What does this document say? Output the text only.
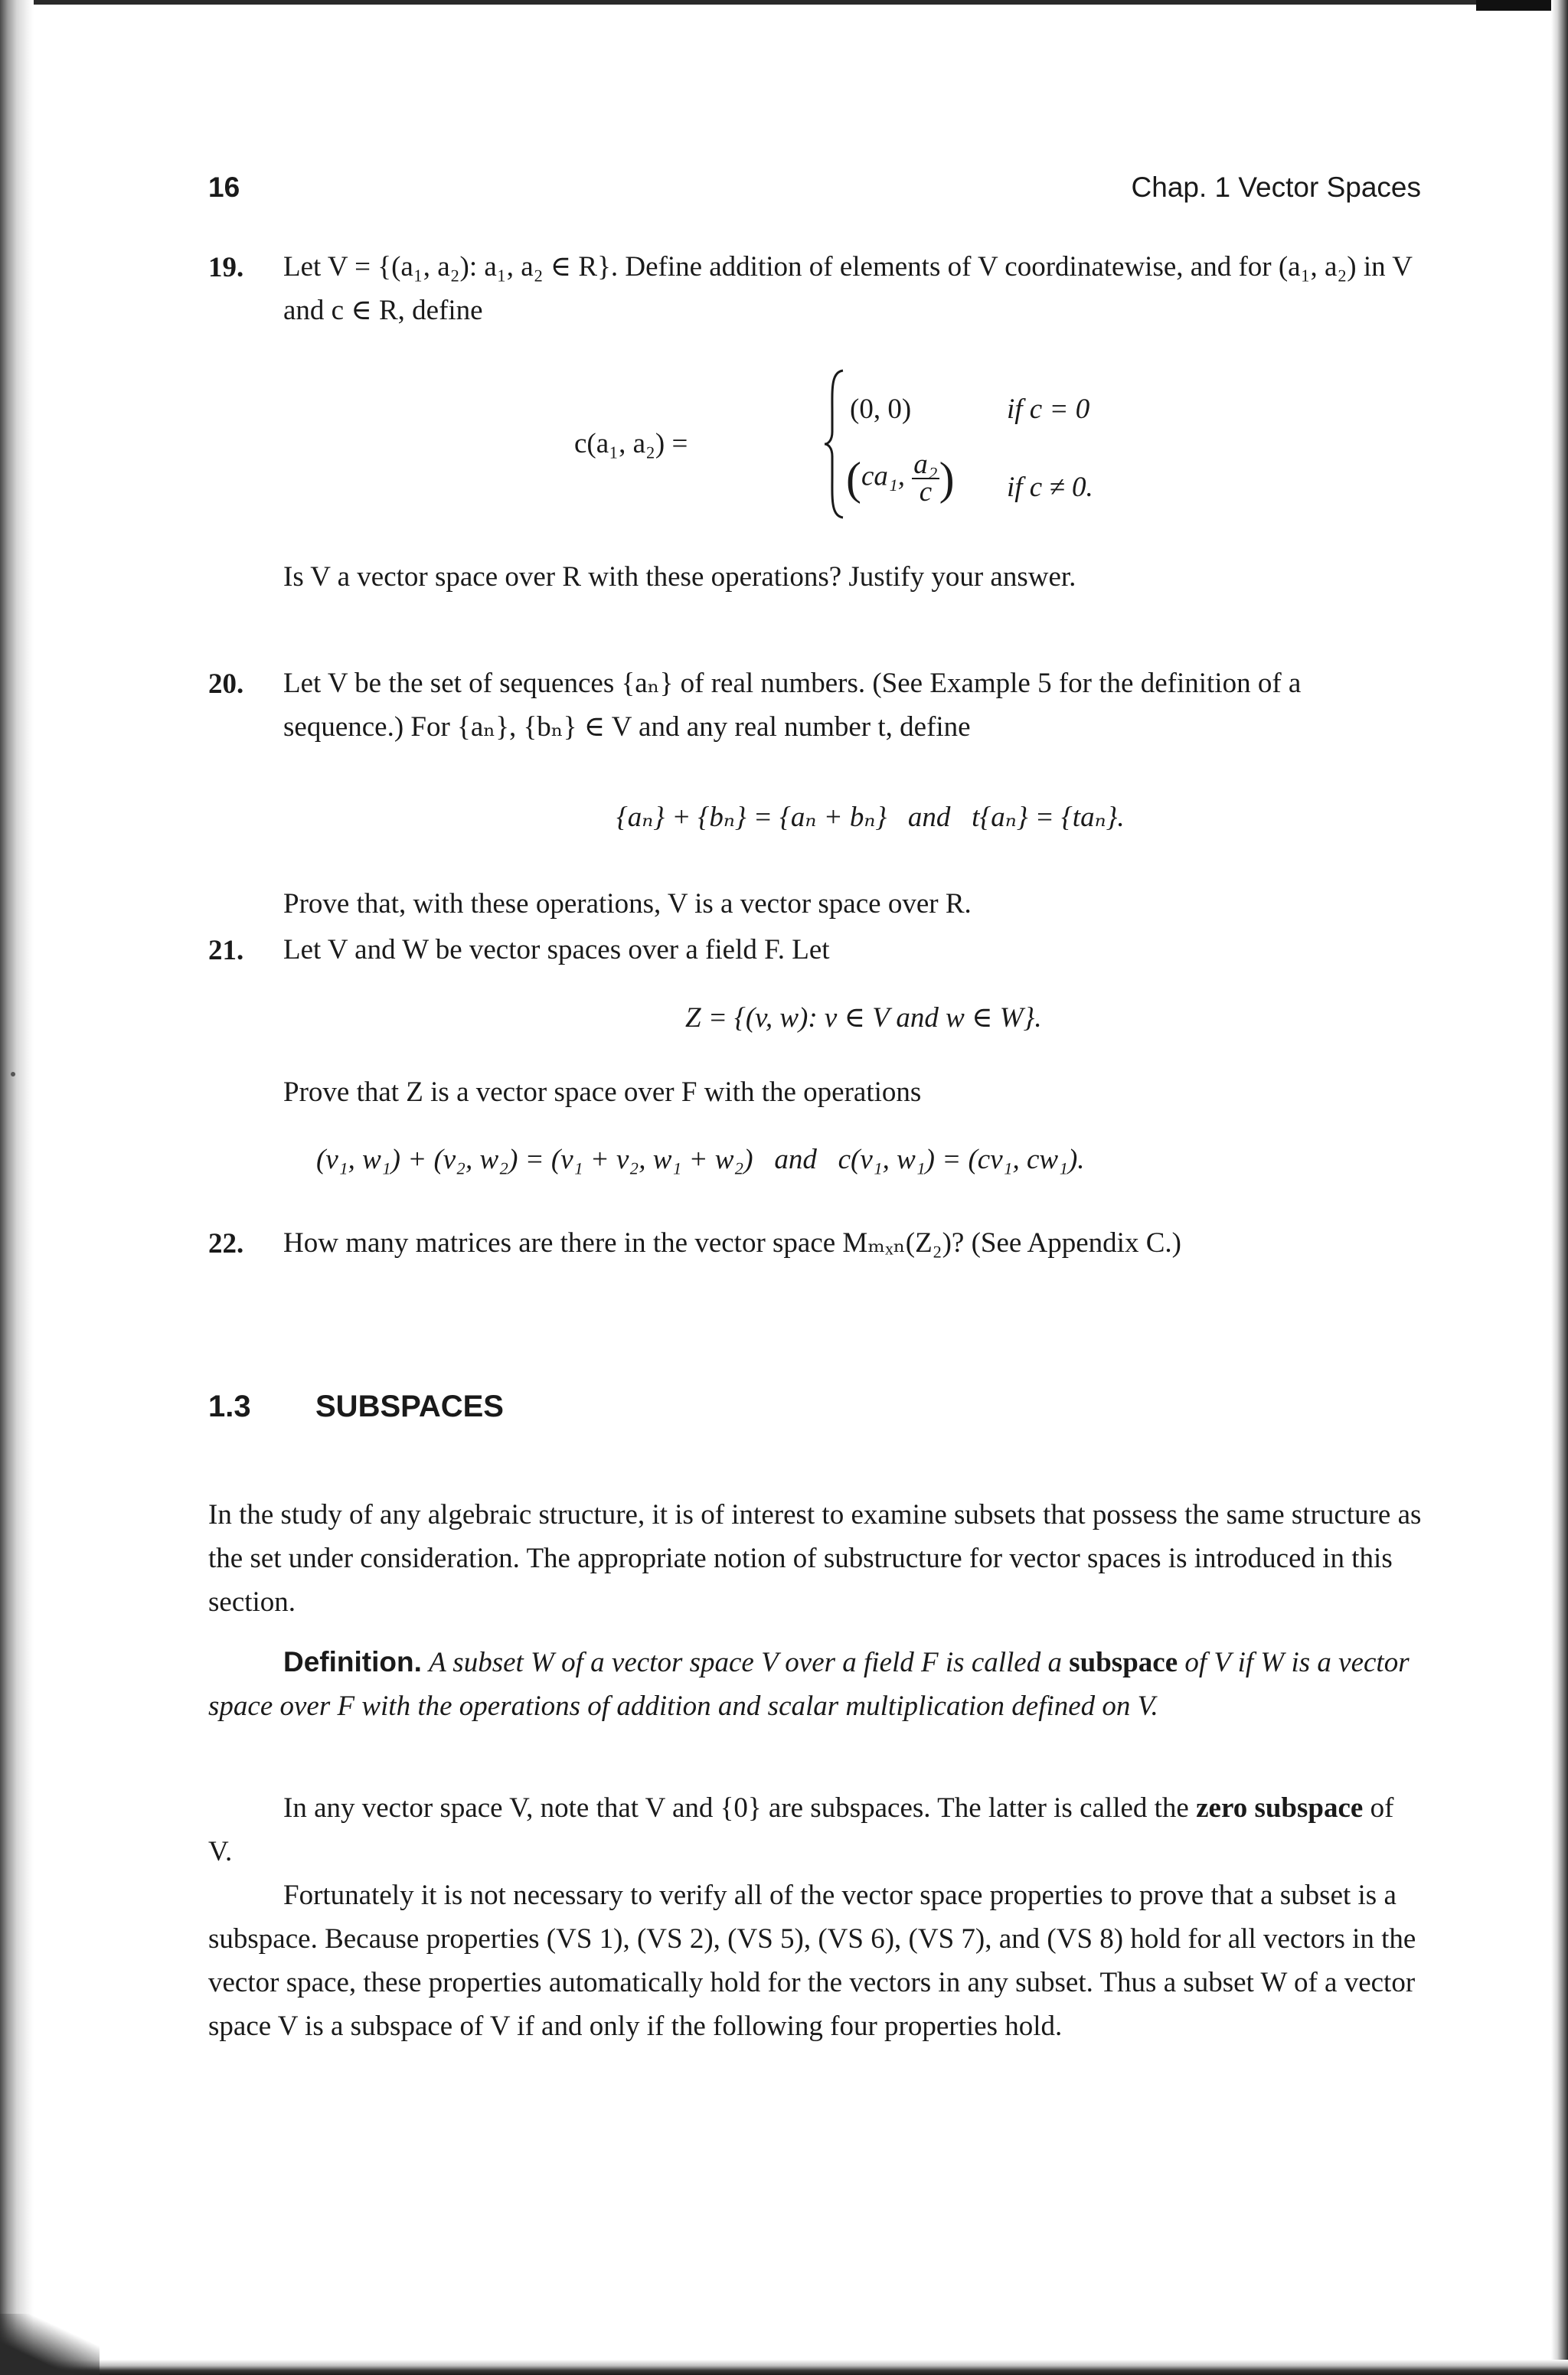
16	Chap. 1 Vector Spaces
19. Let V = {(a₁, a₂): a₁, a₂ ∈ R}. Define addition of elements of V coordinatewise, and for (a₁, a₂) in V and c ∈ R, define

c(a₁, a₂) =
(0, 0)	if c = 0
(ca₁, $\frac{\text{a₂}}{c}$ ) if c ≠ 0.

Is V a vector space over R with these operations? Justify your answer.

20. Let V be the set of sequences {aₙ} of real numbers. (See Example 5 for the definition of a sequence.) For {aₙ}, {bₙ} ∈ V and any real number t, define

{aₙ} + {bₙ} = {aₙ + bₙ}   and   t{aₙ} = {taₙ}.

Prove that, with these operations, V is a vector space over R.

21. Let V and W be vector spaces over a field F. Let

Z = {(v, w): v ∈ V and w ∈ W}.

Prove that Z is a vector space over F with the operations

(v₁, w₁) + (v₂, w₂) = (v₁ + v₂, w₁ + w₂)   and   c(v₁, w₁) = (cv₁, cw₁).
22. How many matrices are there in the vector space Mₘₓₙ(Z₂)? (See Appendix C.)

1.3 SUBSPACES

In the study of any algebraic structure, it is of interest to examine subsets that possess the same structure as the set under consideration. The appropriate notion of substructure for vector spaces is introduced in this section.

Definition. A subset W of a vector space V over a field F is called a subspace of V if W is a vector space over F with the operations of addition and scalar multiplication defined on V.

In any vector space V, note that V and {0} are subspaces. The latter is called the zero subspace of V.

Fortunately it is not necessary to verify all of the vector space properties to prove that a subset is a subspace. Because properties (VS 1), (VS 2), (VS 5), (VS 6), (VS 7), and (VS 8) hold for all vectors in the vector space, these properties automatically hold for the vectors in any subset. Thus a subset W of a vector space V is a subspace of V if and only if the following four properties hold.
